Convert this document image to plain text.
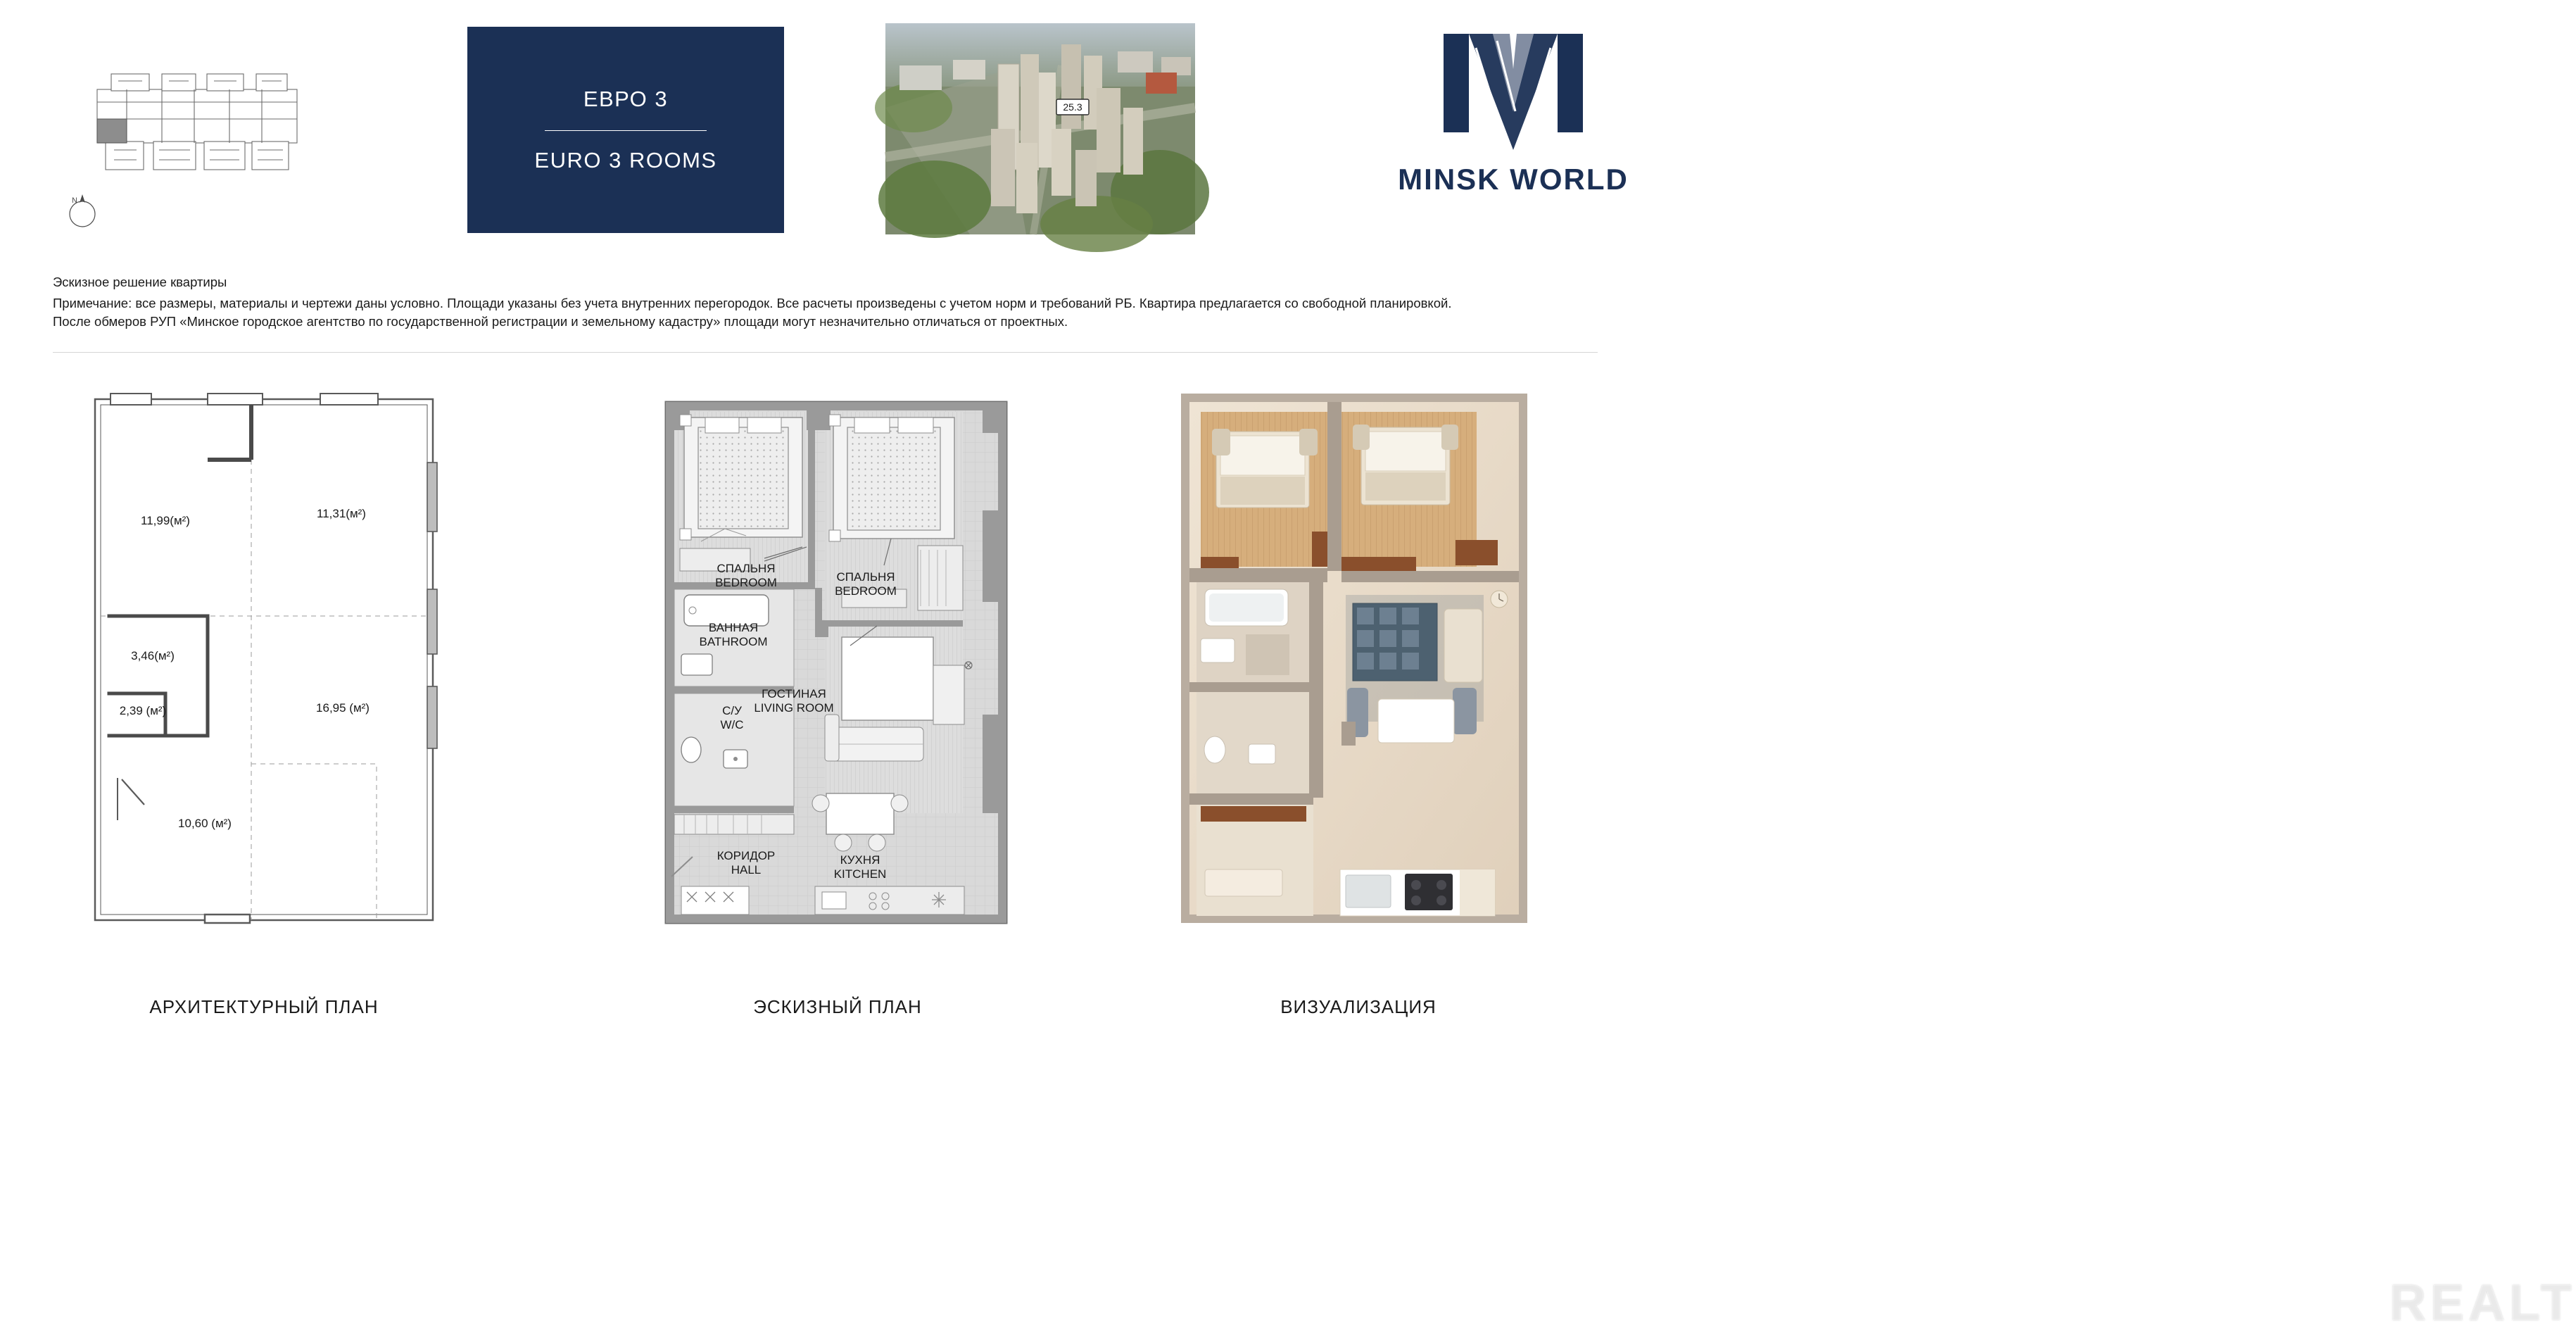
N
ЕВРО 3
EURO 3 ROOMS
25.3
MINSK WORLD
Эскизное решение квартиры
Примечание: все размеры, материалы и чертежи даны условно. Площади указаны без учета внутренних перегородок. Все расчеты произведены с учетом норм и требований РБ. Квартира предлагается со свободной планировкой.
После обмеров РУП «Минское городское агентство по государственной регистрации и земельному кадастру» площади могут незначительно отличаться от проектных.
11,99(м²)
11,31(м²)
3,46(м²)
2,39 (м²)	16,95 (м²)
10,60 (м²)
АРХИТЕКТУРНЫЙ ПЛАН
СПАЛЬНЯ
BEDROOM	СПАЛЬНЯ
BEDROOM
ВАННАЯ
BATHROOM
С/У
W/C
ГОСТИНАЯ
LIVING ROOM
КУХНЯ
KITCHEN
КОРИДОР
HALL
ЭСКИЗНЫЙ ПЛАН
REALT
ВИЗУАЛИЗАЦИЯ
